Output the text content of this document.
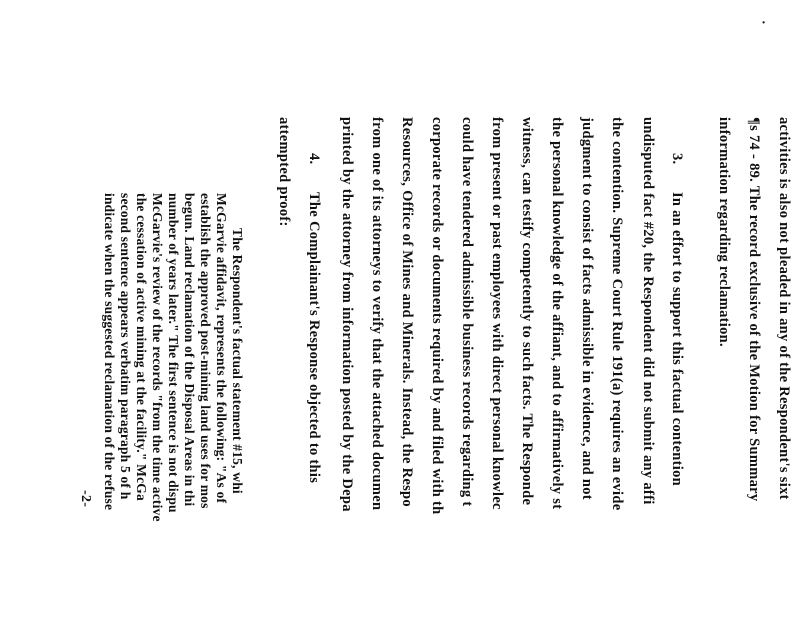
activities is also not pleaded in any of the Respondent's sixt
¶s 74 - 89. The record exclusive of the Motion for Summary
information regarding reclamation.
3.       In an effort to support this factual contention
undisputed fact #20, the Respondent did not submit any affi
the contention. Supreme Court Rule 191(a) requires an evide
judgment to consist of facts admissible in evidence, and not
the personal knowledge of the affiant, and to affirmatively st
witness, can testify competently to such facts. The Responde
from present or past employees with direct personal knowlec
could have tendered admissible business records regarding t
corporate records or documents required by and filed with th
Resources, Office of Mines and Minerals. Instead, the Respo
from one of its attorneys to verify that the attached documen
printed by the attorney from information posted by the Depa
4.       The Complainant's Response objected to this
attempted proof:
The Respondent's factual statement #15, whi
McGarvie affidavit, represents the following: "As of
establish the approved post-mining land uses for mos
begun. Land reclamation of the Disposal Areas in thi
number of years later." The first sentence is not dispu
McGarvie's review of the records "from the time active
the cessation of active mining at the facility." McGa
second sentence appears verbatim paragraph 5 of h
indicate when the suggested reclamation of the refuse
-2-
·
